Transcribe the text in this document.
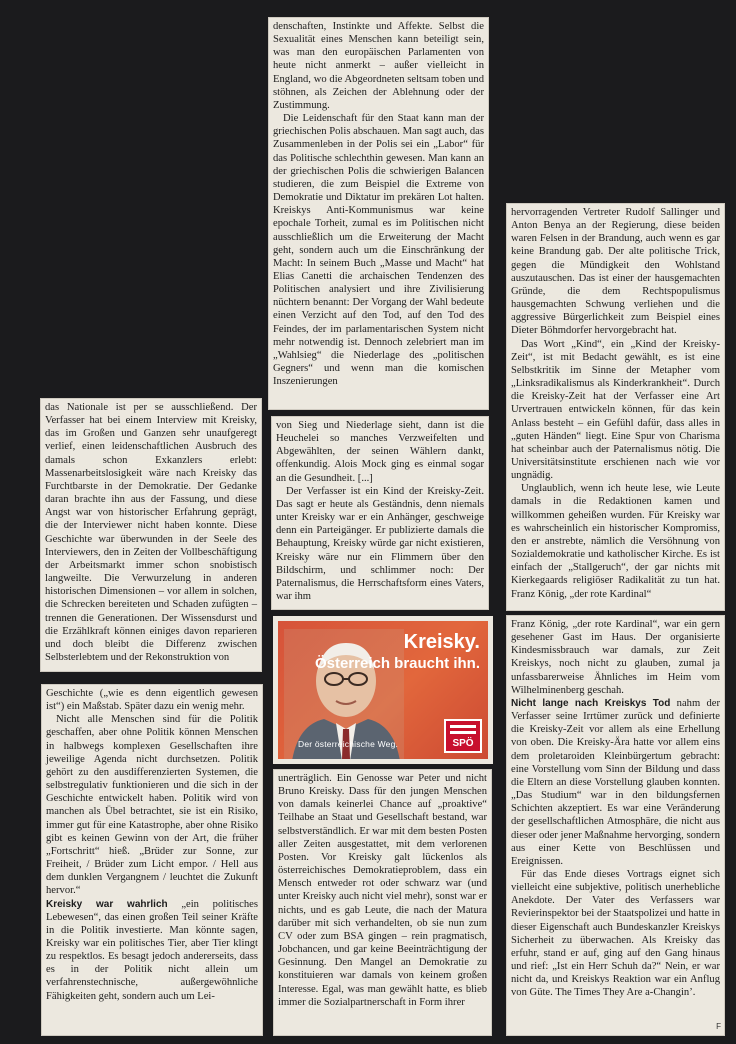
denschaften, Instinkte und Affekte. Selbst die Sexualität eines Menschen kann beteiligt sein, was man den europäischen Parlamenten von heute nicht anmerkt – außer vielleicht in England, wo die Abgeordneten seltsam toben und stöhnen, als Zeichen der Ablehnung oder der Zustimmung.

Die Leidenschaft für den Staat kann man der griechischen Polis abschauen. Man sagt auch, das Zusammenleben in der Polis sei ein „Labor“ für das Politische schlechthin gewesen. Man kann an der griechischen Polis die schwierigen Balancen studieren, die zum Beispiel die Extreme von Demokratie und Diktatur im prekären Lot halten. Kreiskys Anti-Kommunismus war keine epochale Torheit, zumal es im Politischen nicht ausschließlich um die Erweiterung der Macht geht, sondern auch um die Einschränkung der Macht: In seinem Buch „Masse und Macht“ hat Elias Canetti die archaischen Tendenzen des Politischen analysiert und ihre Zivilisierung nüchtern benannt: Der Vorgang der Wahl bedeute einen Verzicht auf den Tod, auf den Tod des Feindes, der im parlamentarischen System nicht mehr notwendig ist. Dennoch zelebriert man im „Wahlsieg“ die Niederlage des „politischen Gegners“ und wenn man die komischen Inszenierungen

hervorragenden Vertreter Rudolf Sallinger und Anton Benya an der Regierung, diese beiden waren Felsen in der Brandung, auch wenn es gar keine Brandung gab. Der alte politische Trick, gegen die Mündigkeit den Wohlstand auszutauschen. Das ist einer der hausgemachten Gründe, die dem Rechtspopulismus hausgemachten Schwung verliehen und die aggressive Bürgerlichkeit zum Beispiel eines Dieter Böhmdorfer hervorgebracht hat.

Das Wort „Kind“, ein „Kind der Kreisky-Zeit“, ist mit Bedacht gewählt, es ist eine Selbstkritik im Sinne der Metapher vom „Linksradikalismus als Kinderkrankheit“. Durch die Kreisky-Zeit hat der Verfasser eine Art Urvertrauen entwickeln können, für das kein Anlass besteht – ein Gefühl dafür, dass alles in „guten Händen“ liegt. Eine Spur von Charisma hat scheinbar auch der Paternalismus nötig. Die Universitätsinstitute erschienen nach wie vor ungnädig.

Unglaublich, wenn ich heute lese, wie Leute damals in die Redaktionen kamen und willkommen geheißen wurden. Für Kreisky war es wahrscheinlich ein historischer Kompromiss, den er anstrebte, nämlich die Versöhnung von Sozialdemokratie und katholischer Kirche. Es ist einfach der „Stallgeruch“, der gar nichts mit Kierkegaards religiöser Radikalität zu tun hat. Franz König, „der rote Kardinal“

das Nationale ist per se ausschließend. Der Verfasser hat bei einem Interview mit Kreisky, das im Großen und Ganzen sehr unaufgeregt verlief, einen leidenschaftlichen Ausbruch des damals schon Exkanzlers erlebt: Massenarbeitslosigkeit wäre nach Kreisky das Furchtbarste in der Demokratie. Der Gedanke daran brachte ihn aus der Fassung, und diese Angst war von historischer Erfahrung geprägt, die der Interviewer nicht haben konnte. Diese Geschichte war überwunden in der Seele des Interviewers, den in Zeiten der Vollbeschäftigung der Arbeitsmarkt immer schon snobistisch langweilte. Die Verwurzelung in anderen historischen Dimensionen – vor allem in solchen, die Schrecken bereiteten und Schaden zufügten – trennen die Generationen. Der Wissensdurst und die Erzählkraft können einiges davon reparieren und doch bleibt die Differenz zwischen Selbsterlebtem und der Rekonstruktion von

von Sieg und Niederlage sieht, dann ist die Heuchelei so manches Verzweifelten und Abgewählten, der seinen Wählern dankt, offenkundig. Alois Mock ging es einmal sogar an die Gesundheit. [...]

Der Verfasser ist ein Kind der Kreisky-Zeit. Das sagt er heute als Geständnis, denn niemals unter Kreisky war er ein Anhänger, geschweige denn ein Parteigänger. Er publizierte damals die Behauptung, Kreisky würde gar nicht existieren, Kreisky wäre nur ein Flimmern über den Bildschirm, und schlimmer noch: Der Paternalismus, die Herrschaftsform eines Vaters, war ihm

Kreisky.
Österreich braucht ihn.
Der österreichische Weg.	SPÖ

Geschichte („wie es denn eigentlich gewesen ist“) ein Maßstab. Später dazu ein wenig mehr.

Nicht alle Menschen sind für die Politik geschaffen, aber ohne Politik können Menschen in halbwegs komplexen Gesellschaften ihre jeweilige Agenda nicht durchsetzen. Politik gehört zu den ausdifferenzierten Systemen, die selbstregulativ funktionieren und die sich in der Geschichte entwickelt haben. Politik wird von manchen als Übel betrachtet, sie ist ein Risiko, immer gut für eine Katastrophe, aber ohne Risiko gibt es keinen Gewinn von der Art, die früher „Fortschritt“ hieß. „Brüder zur Sonne, zur Freiheit, / Brüder zum Licht empor. / Hell aus dem dunklen Vergangnem / leuchtet die Zukunft hervor.“

Kreisky war wahrlich „ein politisches Lebewesen“, das einen großen Teil seiner Kräfte in die Politik investierte. Man könnte sagen, Kreisky war ein politisches Tier, aber Tier klingt zu respektlos. Es besagt jedoch andererseits, dass es in der Politik nicht allein um verfahrenstechnische, außergewöhnliche Fähigkeiten geht, sondern auch um Lei-

unerträglich. Ein Genosse war Peter und nicht Bruno Kreisky. Dass für den jungen Menschen von damals keinerlei Chance auf „proaktive“ Teilhabe an Staat und Gesellschaft bestand, war selbstverständlich. Er war mit dem besten Posten aller Zeiten ausgestattet, mit dem verlorenen Posten. Vor Kreisky galt lückenlos als österreichisches Demokratieproblem, dass ein Mensch entweder rot oder schwarz war (und unter Kreisky auch nicht viel mehr), sonst war er nichts, und es gab Leute, die nach der Matura darüber mit sich verhandelten, ob sie nun zum CV oder zum BSA gingen – rein pragmatisch, Jobchancen, und gar keine Beeinträchtigung der Gesinnung. Den Mangel an Demokratie zu konstituieren war damals von keinem großen Interesse. Egal, was man gewählt hatte, es blieb immer die Sozialpartnerschaft in Form ihrer

Franz König, „der rote Kardinal“, war ein gern gesehener Gast im Haus. Der organisierte Kindesmissbrauch war damals, zur Zeit Kreiskys, noch nicht zu glauben, zumal ja unfassbarerweise Ähnliches im Heim vom Wilhelminenberg geschah.

Nicht lange nach Kreiskys Tod nahm der Verfasser seine Irrtümer zurück und definierte die Kreisky-Zeit vor allem als eine Erhellung von oben. Die Kreisky-Ära hatte vor allem eins dem proletaroiden Kleinbürgertum gebracht: eine Vorstellung vom Sinn der Bildung und dass die Eltern an diese Vorstellung glauben konnten. „Das Studium“ war in den bildungsfernen Schichten akzeptiert. Es war eine Veränderung der gesellschaftlichen Atmosphäre, die nicht aus dieser oder jener Maßnahme hervorging, sondern aus einer Kette von Beschlüssen und Ereignissen.

Für das Ende dieses Vortrags eignet sich vielleicht eine subjektive, politisch unerhebliche Anekdote. Der Vater des Verfassers war Revierinspektor bei der Staatspolizei und hatte in dieser Eigenschaft auch Bundeskanzler Kreiskys Sicherheit zu überwachen. Als Kreisky das erfuhr, stand er auf, ging auf den Gang hinaus und rief: „Ist ein Herr Schuh da?“ Nein, er war nicht da, und Kreiskys Reaktion war ein Anflug von Güte. The Times They Are a-Changin’.

F
